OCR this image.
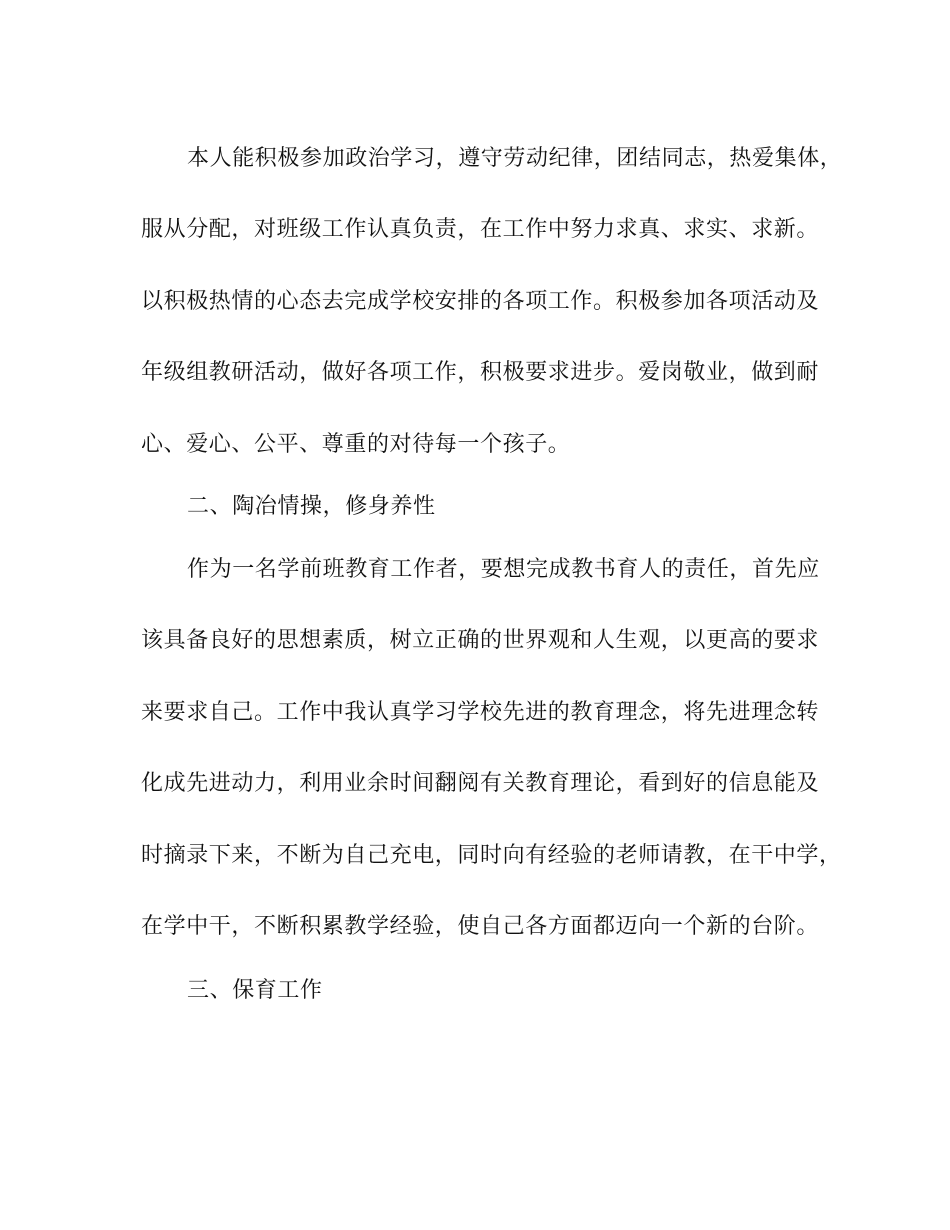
本人能积极参加政治学习，遵守劳动纪律，团结同志，热爱集体，
服从分配，对班级工作认真负责，在工作中努力求真、求实、求新。
以积极热情的心态去完成学校安排的各项工作。积极参加各项活动及
年级组教研活动，做好各项工作，积极要求进步。爱岗敬业，做到耐
心、爱心、公平、尊重的对待每一个孩子。
二、陶冶情操，修身养性
作为一名学前班教育工作者，要想完成教书育人的责任，首先应
该具备良好的思想素质，树立正确的世界观和人生观，以更高的要求
来要求自己。工作中我认真学习学校先进的教育理念，将先进理念转
化成先进动力，利用业余时间翻阅有关教育理论，看到好的信息能及
时摘录下来，不断为自己充电，同时向有经验的老师请教，在干中学，
在学中干，不断积累教学经验，使自己各方面都迈向一个新的台阶。
三、保育工作
